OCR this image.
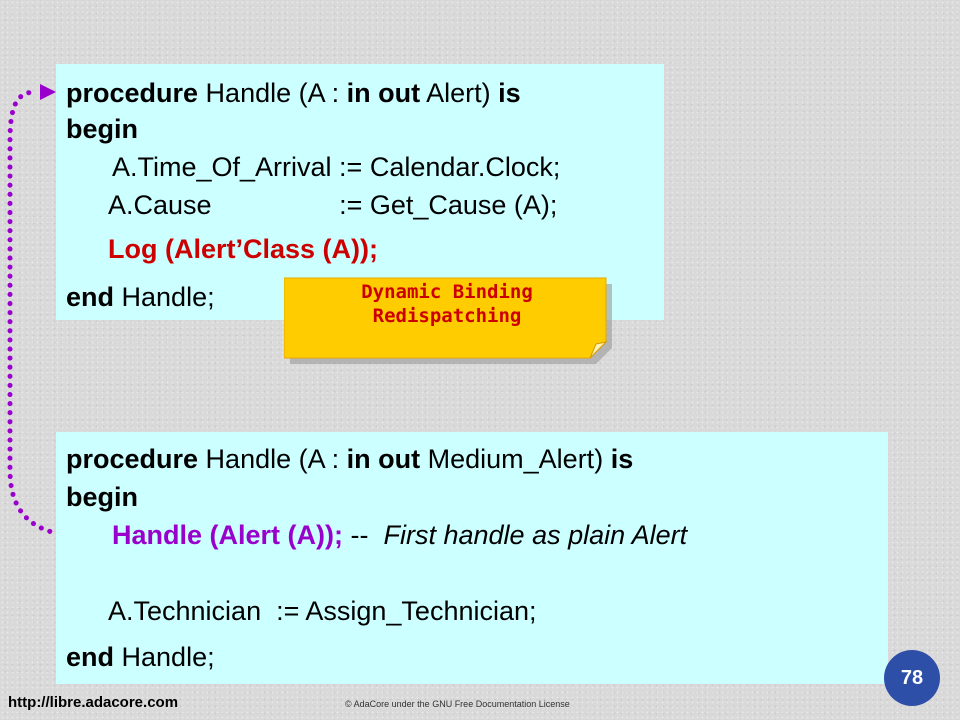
procedure Handle (A : in out Alert) is
begin
A.Time_Of_Arrival := Calendar.Clock;
A.Cause                 := Get_Cause (A);
Log (Alert’Class (A));
end Handle;	Dynamic Binding
Redispatching
procedure Handle (A : in out Medium_Alert) is
begin
Handle (Alert (A)); --  First handle as plain Alert
A.Technician  := Assign_Technician;
end Handle;
78
http://libre.adacore.com	© AdaCore under the GNU Free Documentation License
